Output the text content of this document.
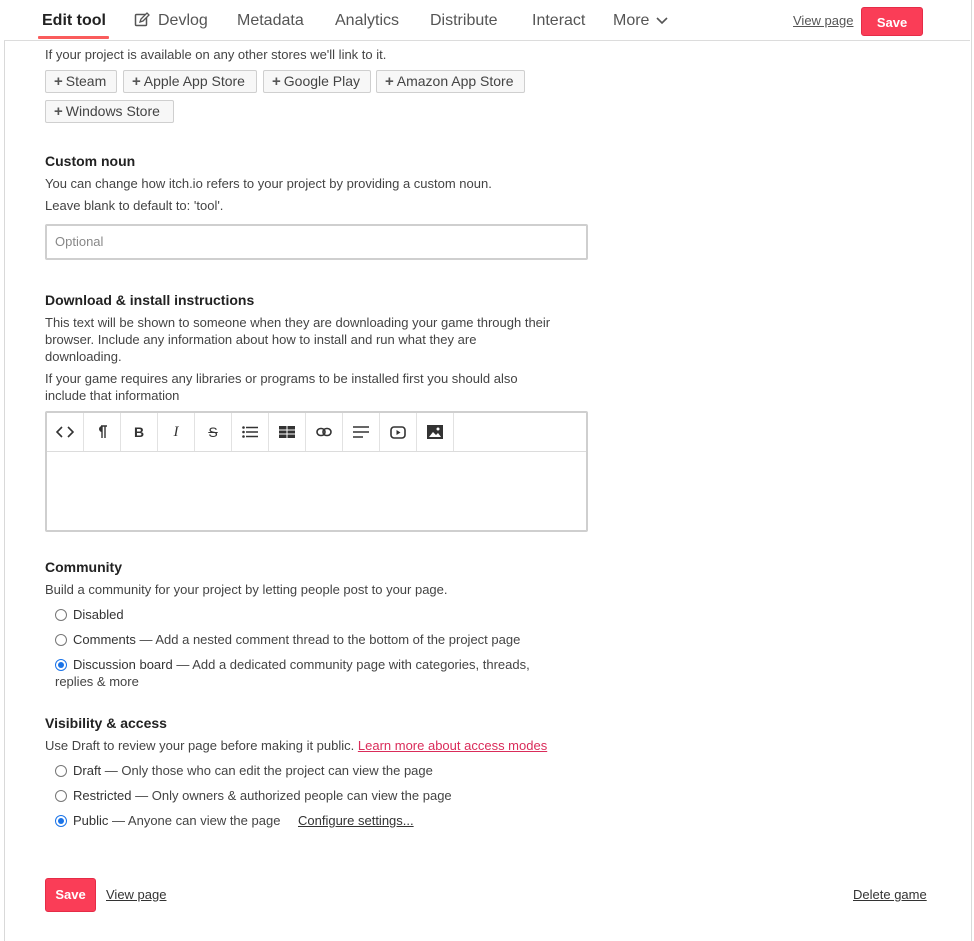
Edit tool	Devlog Metadata Analytics Distribute Interact More	View page	Save
If your project is available on any other stores we'll link to it.
+ Steam	+ Apple App Store	+ Google Play	+ Amazon App Store
+ Windows Store
Custom noun
You can change how itch.io refers to your project by providing a custom noun.
Leave blank to default to: 'tool'.
Optional
Download & install instructions
This text will be shown to someone when they are downloading your game through their
browser. Include any information about how to install and run what they are
downloading.
If your game requires any libraries or programs to be installed first you should also
include that information
B	I	S
Community
Build a community for your project by letting people post to your page.
Disabled
Comments — Add a nested comment thread to the bottom of the project page
Discussion board — Add a dedicated community page with categories, threads,
replies & more
Visibility & access
Use Draft to review your page before making it public. Learn more about access modes
Draft — Only those who can edit the project can view the page
Restricted — Only owners & authorized people can view the page
Public — Anyone can view the page Configure settings...
Save	View page	Delete game
